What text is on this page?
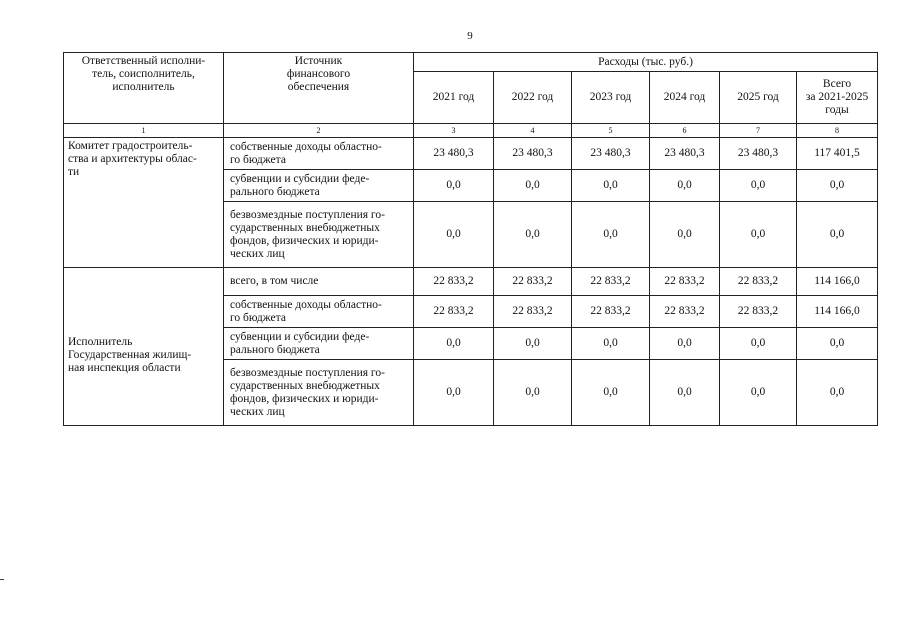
9
Ответственный исполни-
тель, соисполнитель,
исполнитель	Источник
финансового
обеспечения	Расходы (тыс. руб.)					
		2021 год	2022 год	2023 год	2024 год	2025 год	Всего
за 2021-2025
годы
1	2	3	4	5	6	7	8
Комитет градостроитель-
ства и архитектуры облас-
ти	собственные доходы областно-
го бюджета	23 480,3	23 480,3	23 480,3	23 480,3	23 480,3	117 401,5
	субвенции и субсидии феде-
рального бюджета	0,0	0,0	0,0	0,0	0,0	0,0
	безвозмездные поступления го-
сударственных внебюджетных
фондов, физических и юриди-
ческих лиц	0,0	0,0	0,0	0,0	0,0	0,0
Исполнитель
Государственная жилищ-
ная инспекция области	всего, в том числе	22 833,2	22 833,2	22 833,2	22 833,2	22 833,2	114 166,0
	собственные доходы областно-
го бюджета	22 833,2	22 833,2	22 833,2	22 833,2	22 833,2	114 166,0
	субвенции и субсидии феде-
рального бюджета	0,0	0,0	0,0	0,0	0,0	0,0
	безвозмездные поступления го-
сударственных внебюджетных
фондов, физических и юриди-
ческих лиц	0,0	0,0	0,0	0,0	0,0	0,0
